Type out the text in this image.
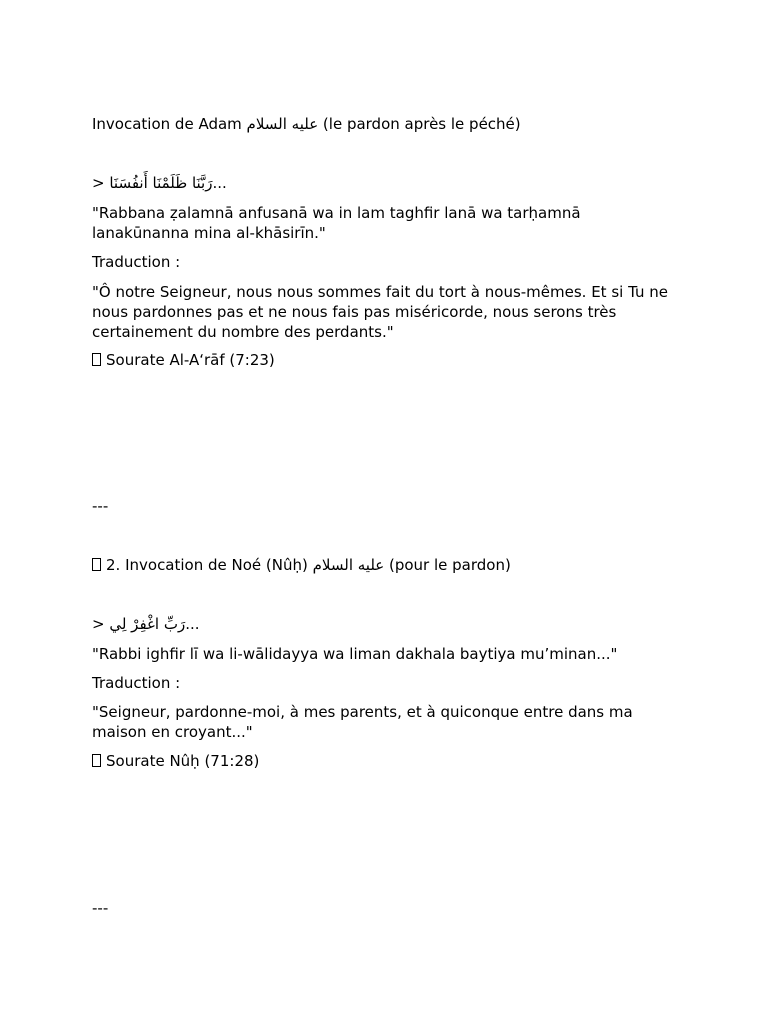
Invocation de Adam عليه السلام (le pardon après le péché)

> رَبَّنَا ظَلَمْنَا أَنفُسَنَا...

"Rabbana ẓalamnā anfusanā wa in lam taghfir lanā wa tarḥamnā lanakūnanna mina al-khāsirīn."

Traduction :

"Ô notre Seigneur, nous nous sommes fait du tort à nous-mêmes. Et si Tu ne nous pardonnes pas et ne nous fais pas miséricorde, nous serons très certainement du nombre des perdants."

Sourate Al-A‘rāf (7:23)

---

2. Invocation de Noé (Nûḥ) عليه السلام (pour le pardon)

> رَبِّ اغْفِرْ لِي...

"Rabbi ighfir lī wa li-wālidayya wa liman dakhala baytiya mu’minan..."

Traduction :

"Seigneur, pardonne-moi, à mes parents, et à quiconque entre dans ma maison en croyant..."

Sourate Nûḥ (71:28)

---
